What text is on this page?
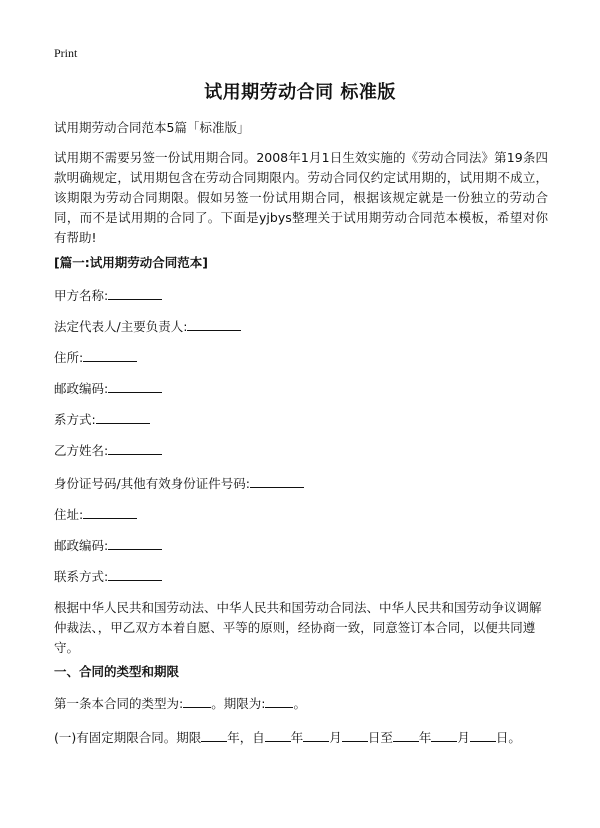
Print
试用期劳动合同 标准版

试用期劳动合同范本5篇「标准版」

试用期不需要另签一份试用期合同。2008年1月1日生效实施的《劳动合同法》第19条四款明确规定，试用期包含在劳动合同期限内。劳动合同仅约定试用期的，试用期不成立，该期限为劳动合同期限。假如另签一份试用期合同，根据该规定就是一份独立的劳动合同，而不是试用期的合同了。下面是yjbys整理关于试用期劳动合同范本模板，希望对你有帮助!

[篇一:试用期劳动合同范本]

甲方名称:

法定代表人/主要负责人:

住所:

邮政编码:

系方式:

乙方姓名:

身份证号码/其他有效身份证件号码:

住址:

邮政编码:

联系方式:

根据中华人民共和国劳动法、中华人民共和国劳动合同法、中华人民共和国劳动争议调解仲裁法、，甲乙双方本着自愿、平等的原则，经协商一致，同意签订本合同，以便共同遵守。

一、合同的类型和期限

第一条本合同的类型为: 。期限为: 。

(一)有固定期限合同。期限 年，自 年 月 日至 年 月 日。
